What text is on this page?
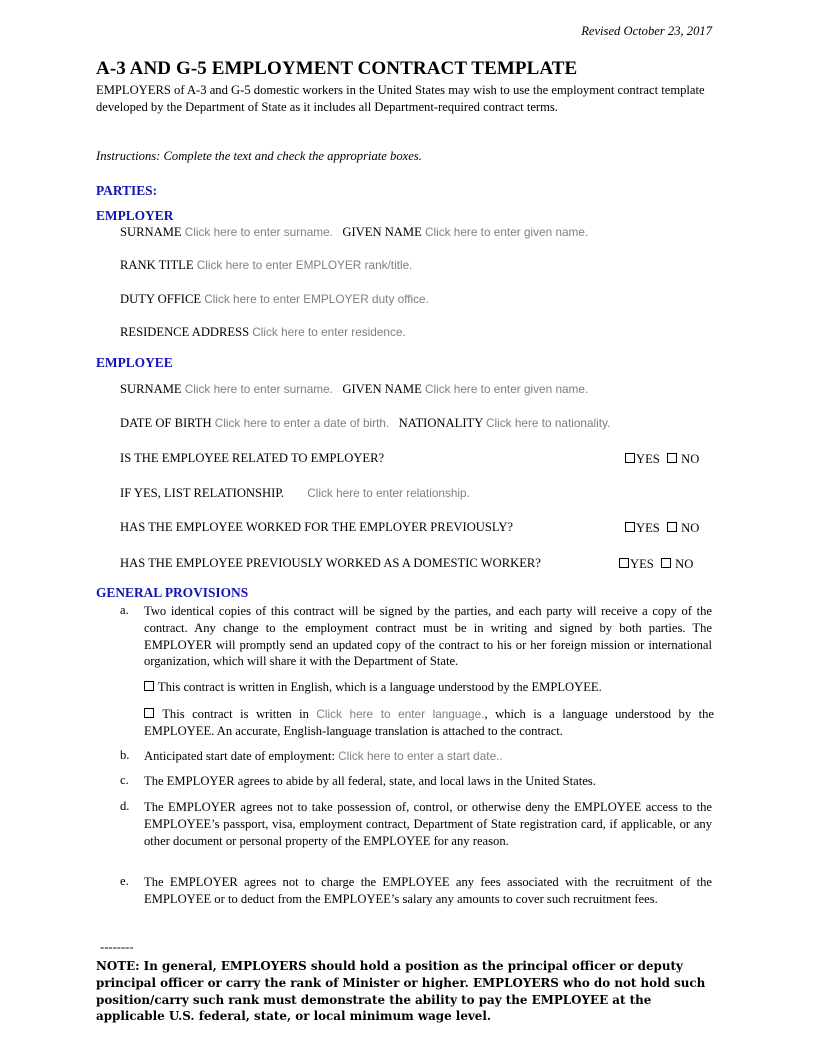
Revised October 23, 2017
A-3 AND G-5 EMPLOYMENT CONTRACT TEMPLATE
EMPLOYERS of A-3 and G-5 domestic workers in the United States may wish to use the employment contract template developed by the Department of State as it includes all Department-required contract terms.
Instructions: Complete the text and check the appropriate boxes.
PARTIES:
EMPLOYER
SURNAME Click here to enter surname. GIVEN NAME Click here to enter given name.
RANK TITLE Click here to enter EMPLOYER rank/title.
DUTY OFFICE Click here to enter EMPLOYER duty office.
RESIDENCE ADDRESS Click here to enter residence.
EMPLOYEE
SURNAME Click here to enter surname. GIVEN NAME Click here to enter given name.
DATE OF BIRTH Click here to enter a date of birth. NATIONALITY Click here to nationality.
IS THE EMPLOYEE RELATED TO EMPLOYER?	YES NO
IF YES, LIST RELATIONSHIP. Click here to enter relationship.
HAS THE EMPLOYEE WORKED FOR THE EMPLOYER PREVIOUSLY?	YES NO
HAS THE EMPLOYEE PREVIOUSLY WORKED AS A DOMESTIC WORKER?	YES NO
GENERAL PROVISIONS
a. Two identical copies of this contract will be signed by the parties, and each party will receive a copy of the contract. Any change to the employment contract must be in writing and signed by both parties. The EMPLOYER will promptly send an updated copy of the contract to his or her foreign mission or international organization, which will share it with the Department of State.
This contract is written in English, which is a language understood by the EMPLOYEE.
This contract is written in Click here to enter language., which is a language understood by the EMPLOYEE. An accurate, English-language translation is attached to the contract.
b. Anticipated start date of employment: Click here to enter a start date..
c. The EMPLOYER agrees to abide by all federal, state, and local laws in the United States.
d. The EMPLOYER agrees not to take possession of, control, or otherwise deny the EMPLOYEE access to the EMPLOYEE’s passport, visa, employment contract, Department of State registration card, if applicable, or any other document or personal property of the EMPLOYEE for any reason.
e. The EMPLOYER agrees not to charge the EMPLOYEE any fees associated with the recruitment of the EMPLOYEE or to deduct from the EMPLOYEE’s salary any amounts to cover such recruitment fees.
--------
NOTE: In general, EMPLOYERS should hold a position as the principal officer or deputy principal officer or carry the rank of Minister or higher. EMPLOYERS who do not hold such position/carry such rank must demonstrate the ability to pay the EMPLOYEE at the applicable U.S. federal, state, or local minimum wage level.
